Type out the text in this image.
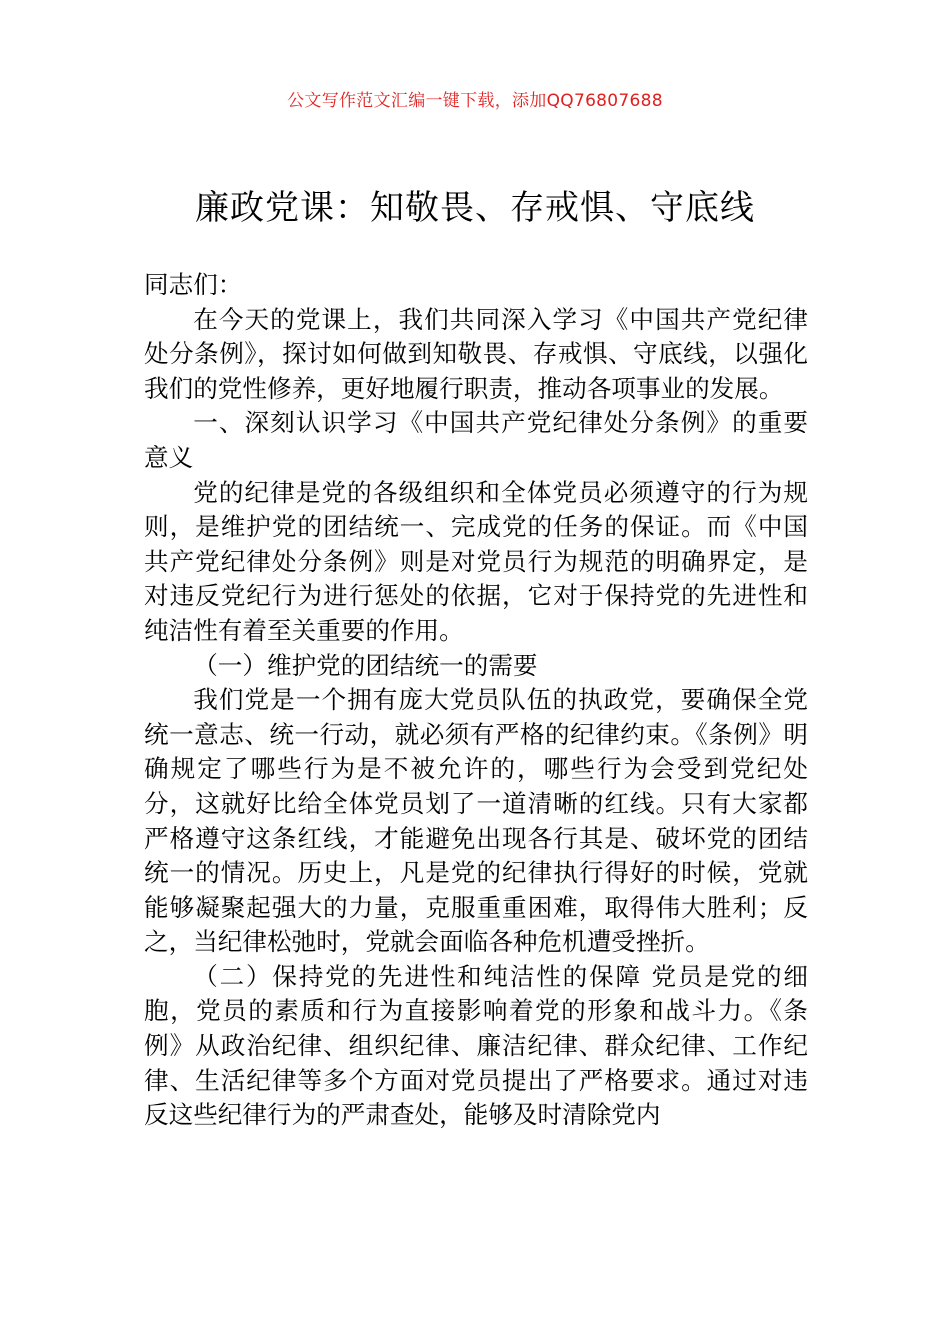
公文写作范文汇编一键下载，添加QQ76807688
廉政党课：知敬畏、存戒惧、守底线

同志们：

在今天的党课上，我们共同深入学习《中国共产党纪律处分条例》，探讨如何做到知敬畏、存戒惧、守底线，以强化我们的党性修养，更好地履行职责，推动各项事业的发展。

一、深刻认识学习《中国共产党纪律处分条例》的重要意义

党的纪律是党的各级组织和全体党员必须遵守的行为规则，是维护党的团结统一、完成党的任务的保证。而《中国共产党纪律处分条例》则是对党员行为规范的明确界定，是对违反党纪行为进行惩处的依据，它对于保持党的先进性和纯洁性有着至关重要的作用。

（一）维护党的团结统一的需要

我们党是一个拥有庞大党员队伍的执政党，要确保全党统一意志、统一行动，就必须有严格的纪律约束。《条例》明确规定了哪些行为是不被允许的，哪些行为会受到党纪处分，这就好比给全体党员划了一道清晰的红线。只有大家都严格遵守这条红线，才能避免出现各行其是、破坏党的团结统一的情况。历史上，凡是党的纪律执行得好的时候，党就能够凝聚起强大的力量，克服重重困难，取得伟大胜利；反之，当纪律松弛时，党就会面临各种危机遭受挫折。

（二）保持党的先进性和纯洁性的保障 党员是党的细胞，党员的素质和行为直接影响着党的形象和战斗力。《条例》从政治纪律、组织纪律、廉洁纪律、群众纪律、工作纪律、生活纪律等多个方面对党员提出了严格要求。通过对违反这些纪律行为的严肃查处，能够及时清除党内
